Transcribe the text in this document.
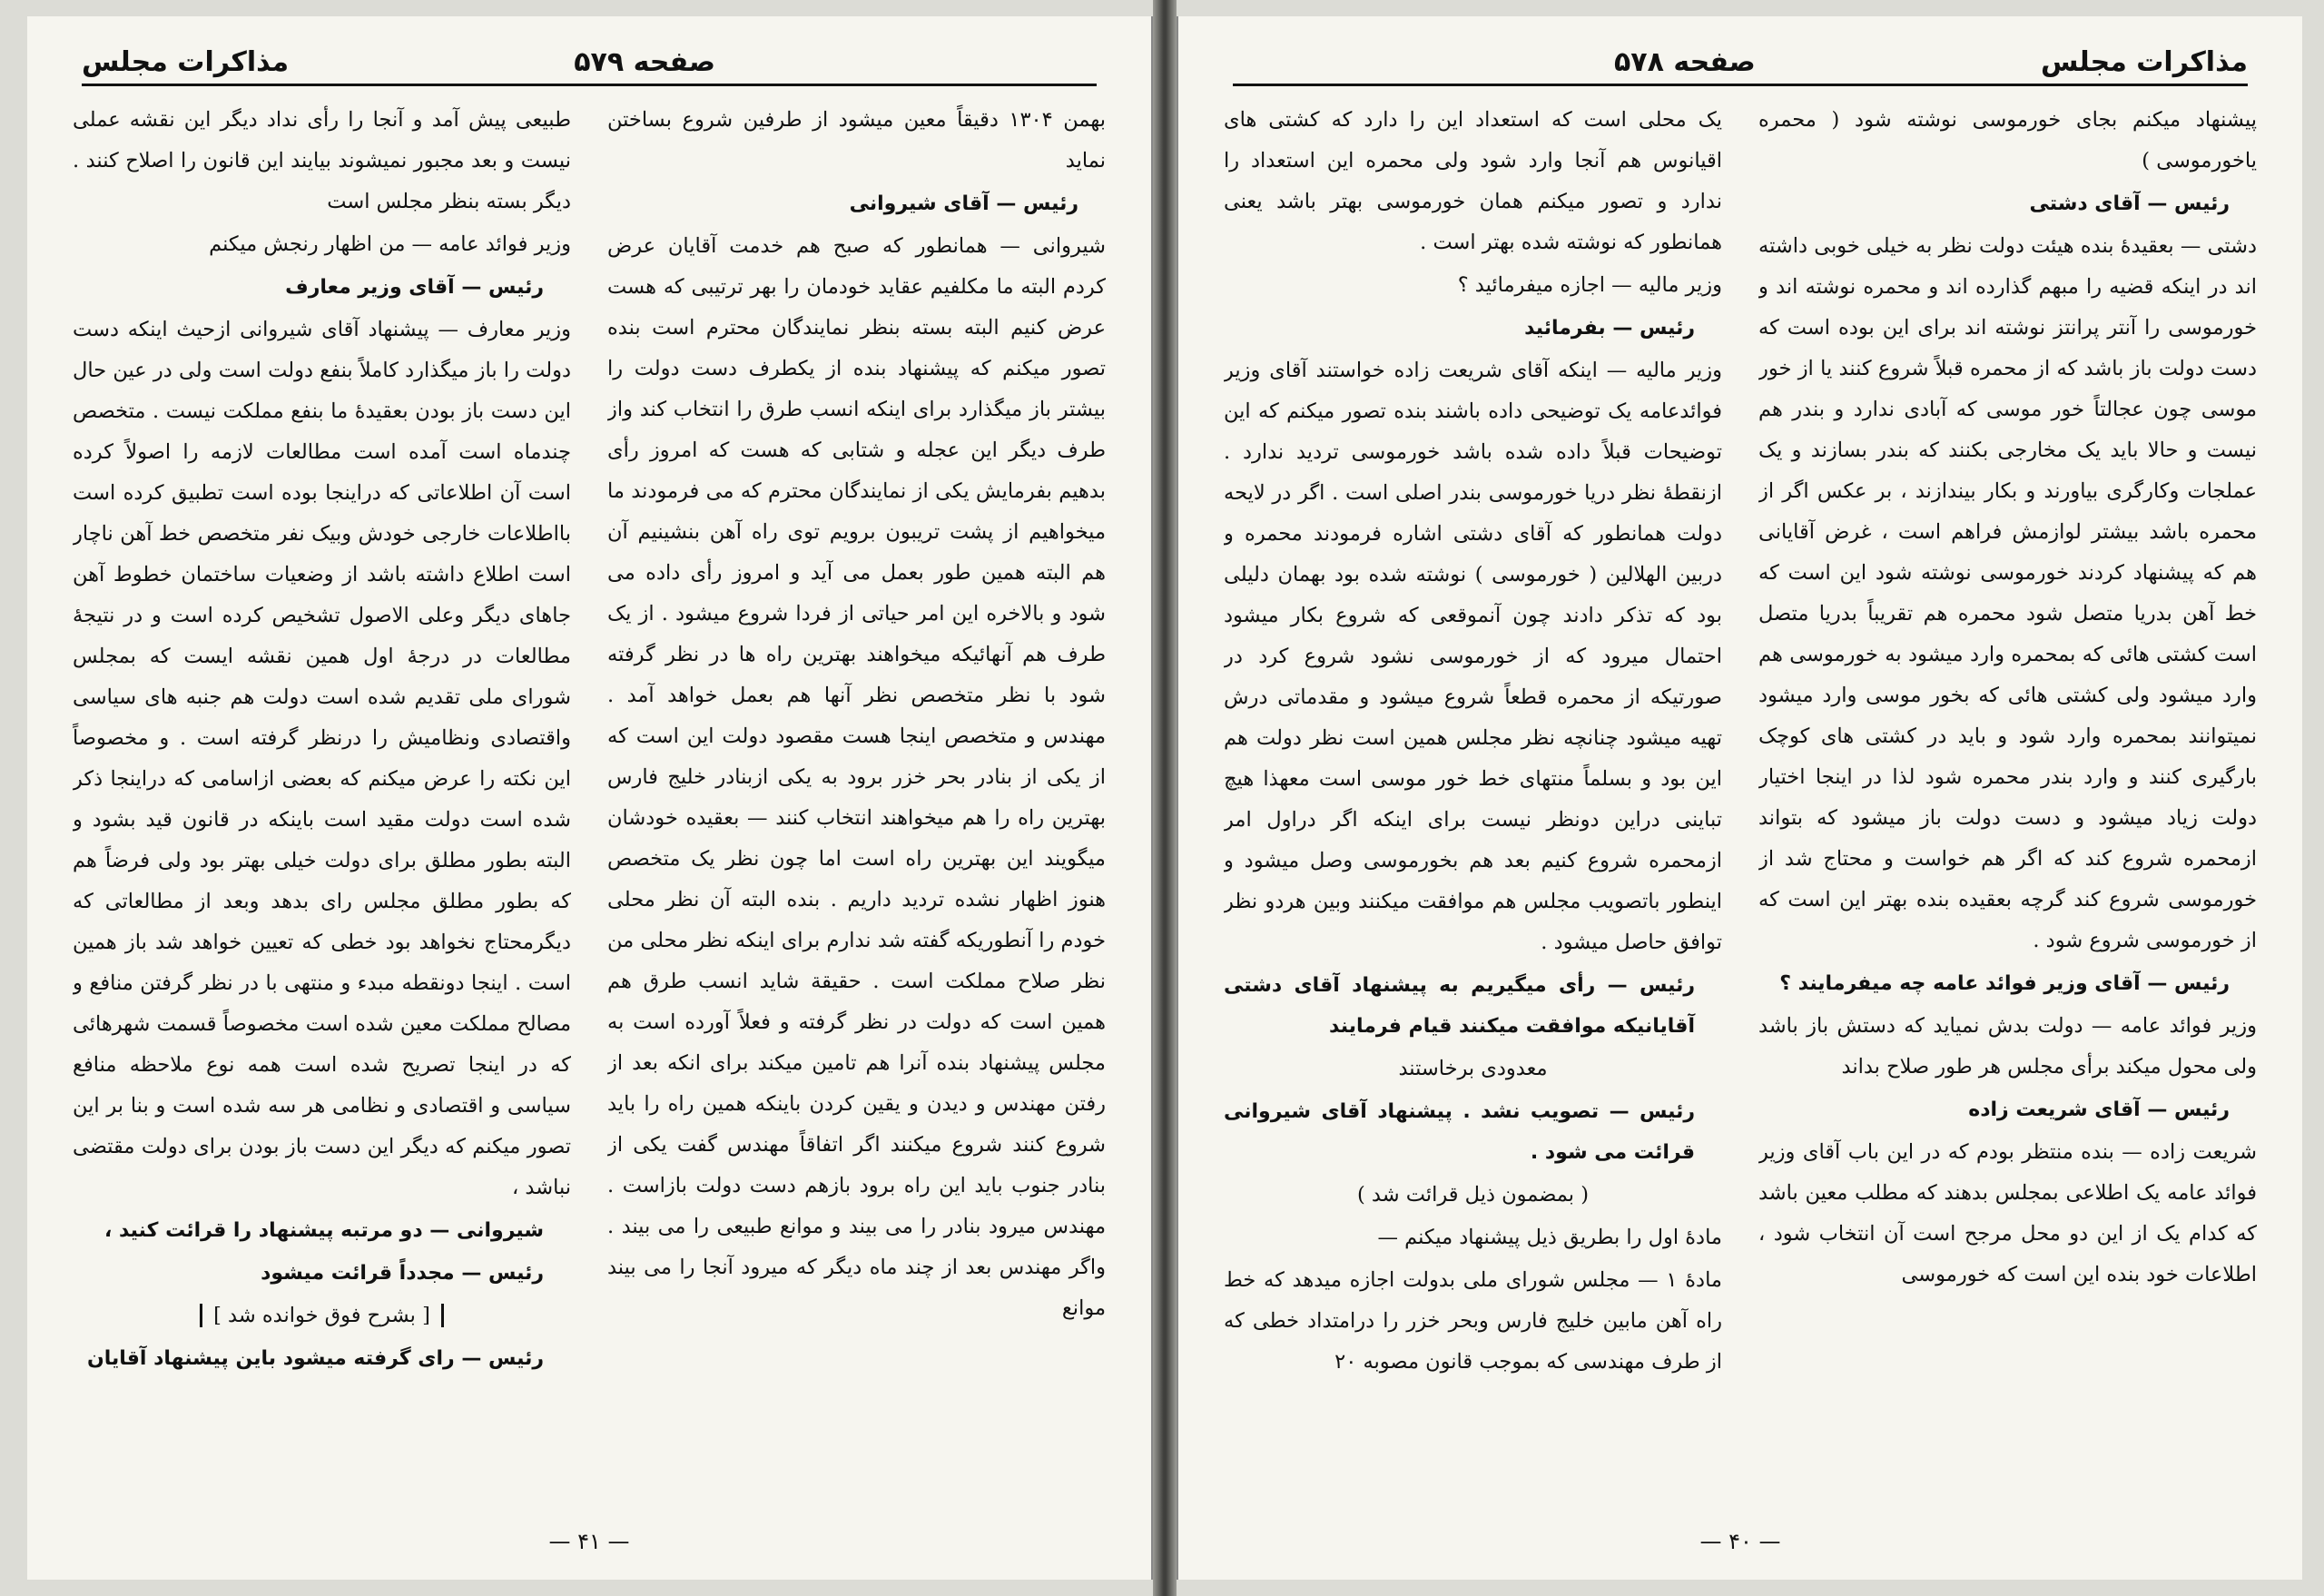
مذاکرات مجلس	صفحه ۵۷۹

بهمن ۱۳۰۴ دقیقاً معین میشود از طرفین شروع بساختن نماید

رئیس — آقای شیروانی

شیروانی — همانطور که صبح هم خدمت آقایان عرض کردم البته ما مکلفیم عقاید خودمان را بهر ترتیبی که هست عرض کنیم البته بسته بنظر نمایندگان محترم است بنده تصور میکنم که پیشنهاد بنده از یکطرف دست دولت را بیشتر باز میگذارد برای اینکه انسب طرق را انتخاب کند واز طرف دیگر این عجله و شتابی که هست که امروز رأی بدهیم بفرمایش یکی از نمایندگان محترم که می فرمودند ما میخواهیم از پشت تریبون برویم توی راه آهن بنشینیم آن هم البته همین طور بعمل می آید و امروز رأی داده می شود و بالاخره این امر حیاتی از فردا شروع میشود . از یک طرف هم آنهائیکه میخواهند بهترین راه ها در نظر گرفته شود با نظر متخصص نظر آنها هم بعمل خواهد آمد . مهندس و متخصص اینجا هست مقصود دولت این است که از یکی از بنادر بحر خزر برود به یکی ازبنادر خلیج فارس بهترین راه را هم میخواهند انتخاب کنند — بعقیده خودشان میگویند این بهترین راه است اما چون نظر یک متخصص هنوز اظهار نشده تردید داریم . بنده البته آن نظر محلی خودم را آنطوریکه گفته شد ندارم برای اینکه نظر محلی من نظر صلاح مملکت است . حقیقة شاید انسب طرق هم همین است که دولت در نظر گرفته و فعلاً آورده است به مجلس پیشنهاد بنده آنرا هم تامین میکند برای انکه بعد از رفتن مهندس و دیدن و یقین کردن باینکه همین راه را باید شروع کنند شروع میکنند اگر اتفاقاً مهندس گفت یکی از بنادر جنوب باید این راه برود بازهم دست دولت بازاست . مهندس میرود بنادر را می بیند و موانع طبیعی را می بیند . واگر مهندس بعد از چند ماه دیگر که میرود آنجا را می بیند موانع

طبیعی پیش آمد و آنجا را رأی نداد دیگر این نقشه عملی نیست و بعد مجبور نمیشوند بیایند این قانون را اصلاح کنند . دیگر بسته بنظر مجلس است

وزیر فوائد عامه — من اظهار رنجش میکنم

رئیس — آقای وزیر معارف

وزیر معارف — پیشنهاد آقای شیروانی ازحیث اینکه دست دولت را باز میگذارد کاملاً بنفع دولت است ولی در عین حال این دست باز بودن بعقیدهٔ ما بنفع مملکت نیست . متخصص چندماه است آمده است مطالعات لازمه را اصولاً کرده است آن اطلاعاتی که دراینجا بوده است تطبیق کرده است بااطلاعات خارجی خودش وبیک نفر متخصص خط آهن ناچار است اطلاع داشته باشد از وضعیات ساختمان خطوط آهن جاهای دیگر وعلی الاصول تشخیص کرده است و در نتیجهٔ مطالعات در درجهٔ اول همین نقشه ایست که بمجلس شورای ملی تقدیم شده است دولت هم جنبه های سیاسی واقتصادی ونظامیش را درنظر گرفته است . و مخصوصاً این نکته را عرض میکنم که بعضی ازاسامی که دراینجا ذکر شده است دولت مقید است باینکه در قانون قید بشود و البته بطور مطلق برای دولت خیلی بهتر بود ولی فرضاً هم که بطور مطلق مجلس رای بدهد وبعد از مطالعاتی که دیگرمحتاج نخواهد بود خطی که تعیین خواهد شد باز همین است . اینجا دونقطه مبدء و منتهی با در نظر گرفتن منافع و مصالح مملکت معین شده است مخصوصاً قسمت شهرهائی که در اینجا تصریح شده است همه نوع ملاحظه منافع سیاسی و اقتصادی و نظامی هر سه شده است و بنا بر این تصور میکنم که دیگر این دست باز بودن برای دولت مقتضی نباشد ،

شیروانی — دو مرتبه پیشنهاد را قرائت کنید ،

رئیس — مجدداً قرائت میشود

[ بشرح فوق خوانده شد ]

رئیس — رای گرفته میشود باین پیشنهاد آقایان

— ۴۱ —
مذاکرات مجلس
صفحه ۵۷۸

پیشنهاد میکنم بجای خورموسی نوشته شود ( محمره یاخورموسی )

رئیس — آقای دشتی

دشتی — بعقیدهٔ بنده هیئت دولت نظر به خیلی خوبی داشته اند در اینکه قضیه را مبهم گذارده اند و محمره نوشته اند و خورموسی را آنتر پرانتز نوشته اند برای این بوده است که دست دولت باز باشد که از محمره قبلاً شروع کنند یا از خور موسی چون عجالتاً خور موسی که آبادی ندارد و بندر هم نیست و حالا باید یک مخارجی بکنند که بندر بسازند و یک عملجات وکارگری بیاورند و بکار بیندازند ، بر عکس اگر از محمره باشد بیشتر لوازمش فراهم است ، غرض آقایانی هم که پیشنهاد کردند خورموسی نوشته شود این است که خط آهن بدریا متصل شود محمره هم تقریباً بدریا متصل است کشتی هائی که بمحمره وارد میشود به خورموسی هم وارد میشود ولی کشتی هائی که بخور موسی وارد میشود نمیتوانند بمحمره وارد شود و باید در کشتی های کوچک بارگیری کنند و وارد بندر محمره شود لذا در اینجا اختیار دولت زیاد میشود و دست دولت باز میشود که بتواند ازمحمره شروع کند که اگر هم خواست و محتاج شد از خورموسی شروع کند گرچه بعقیده بنده بهتر این است که از خورموسی شروع شود .

رئیس — آقای وزیر فوائد عامه چه میفرمایند ؟

وزیر فوائد عامه — دولت بدش نمیاید که دستش باز باشد ولی محول میکند برأی مجلس هر طور صلاح بداند

رئیس — آقای شریعت زاده

شریعت زاده — بنده منتظر بودم که در این باب آقای وزیر فوائد عامه یک اطلاعی بمجلس بدهند که مطلب معین باشد که کدام یک از این دو محل مرجح است آن انتخاب شود ، اطلاعات خود بنده این است که خورموسی

یک محلی است که استعداد این را دارد که کشتی های اقیانوس هم آنجا وارد شود ولی محمره این استعداد را ندارد و تصور میکنم همان خورموسی بهتر باشد یعنی همانطور که نوشته شده بهتر است .

وزیر مالیه — اجازه میفرمائید ؟

رئیس — بفرمائید

وزیر مالیه — اینکه آقای شریعت زاده خواستند آقای وزیر فوائدعامه یک توضیحی داده باشند بنده تصور میکنم که این توضیحات قبلاً داده شده باشد خورموسی تردید ندارد . ازنقطهٔ نظر دریا خورموسی بندر اصلی است . اگر در لایحه دولت همانطور که آقای دشتی اشاره فرمودند محمره و دربین الهلالین ( خورموسی ) نوشته شده بود بهمان دلیلی بود که تذکر دادند چون آنموقعی که شروع بکار میشود احتمال میرود که از خورموسی نشود شروع کرد در صورتیکه از محمره قطعاً شروع میشود و مقدماتی درش تهیه میشود چنانچه نظر مجلس همین است نظر دولت هم این بود و بسلماً منتهای خط خور موسی است معهذا هیچ تباینی دراین دونظر نیست برای اینکه اگر دراول امر ازمحمره شروع کنیم بعد هم بخورموسی وصل میشود و اینطور باتصویب مجلس هم موافقت میکنند وبین هردو نظر توافق حاصل میشود .

رئیس — رأی میگیریم به پیشنهاد آقای دشتی آقایانیکه موافقت میکنند قیام فرمایند

معدودی برخاستند

رئیس — تصویب نشد . پیشنهاد آقای شیروانی قرائت می شود .

( بمضمون ذیل قرائت شد )

مادهٔ اول را بطریق ذیل پیشنهاد میکنم —

مادهٔ ۱ — مجلس شورای ملی بدولت اجازه میدهد که خط راه آهن مابین خلیج فارس وبحر خزر را درامتداد خطی که از طرف مهندسی که بموجب قانون مصوبه ۲۰

— ۴۰ —
